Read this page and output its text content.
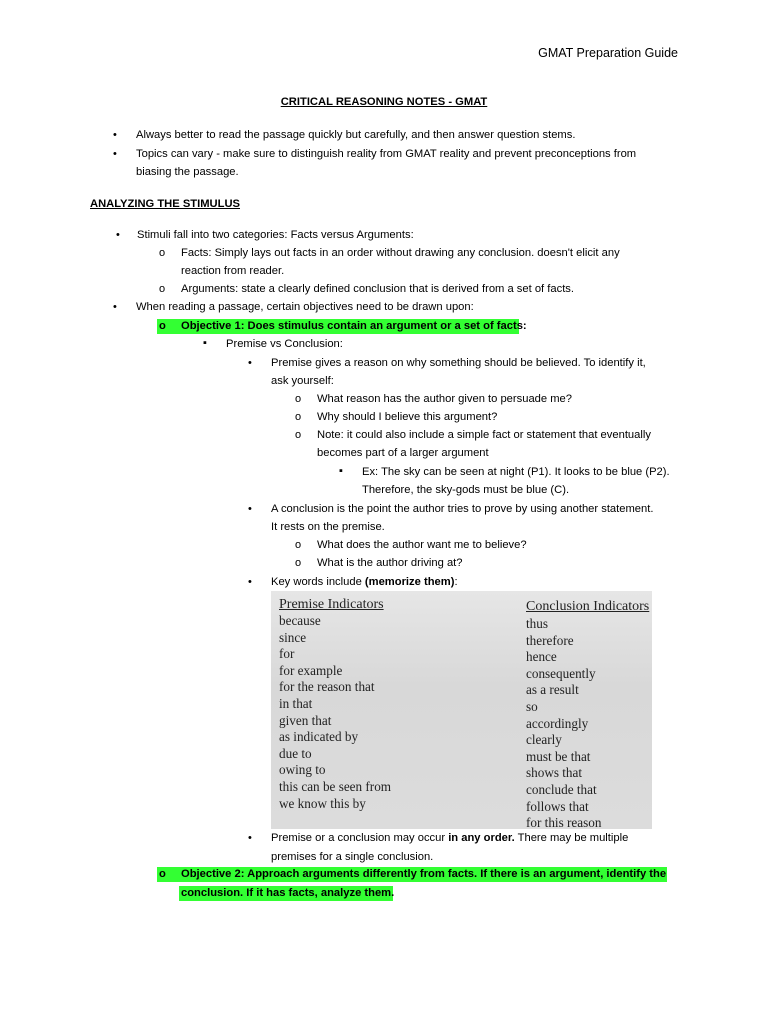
GMAT Preparation Guide
CRITICAL REASONING NOTES - GMAT
• Always better to read the passage quickly but carefully, and then answer question stems.
• Topics can vary - make sure to distinguish reality from GMAT reality and prevent preconceptions from
biasing the passage.
ANALYZING THE STIMULUS
• Stimuli fall into two categories: Facts versus Arguments:
o Facts: Simply lays out facts in an order without drawing any conclusion. doesn't elicit any
reaction from reader.
o Arguments: state a clearly defined conclusion that is derived from a set of facts.
• When reading a passage, certain objectives need to be drawn upon:
o Objective 1: Does stimulus contain an argument or a set of facts:
▪ Premise vs Conclusion:
• Premise gives a reason on why something should be believed. To identify it,
ask yourself:
o What reason has the author given to persuade me?
o Why should I believe this argument?
o Note: it could also include a simple fact or statement that eventually
becomes part of a larger argument
▪ Ex: The sky can be seen at night (P1). It looks to be blue (P2).
Therefore, the sky-gods must be blue (C).
• A conclusion is the point the author tries to prove by using another statement.
It rests on the premise.
o What does the author want me to believe?
o What is the author driving at?
• Key words include (memorize them):
Premise Indicators
because
since
for
for example
for the reason that
in that
given that
as indicated by
due to
owing to
this can be seen from
we know this by
Conclusion Indicators
thus
therefore
hence
consequently
as a result
so
accordingly
clearly
must be that
shows that
conclude that
follows that
for this reason
• Premise or a conclusion may occur in any order. There may be multiple
premises for a single conclusion.
o Objective 2: Approach arguments differently from facts. If there is an argument, identify the
conclusion. If it has facts, analyze them.
